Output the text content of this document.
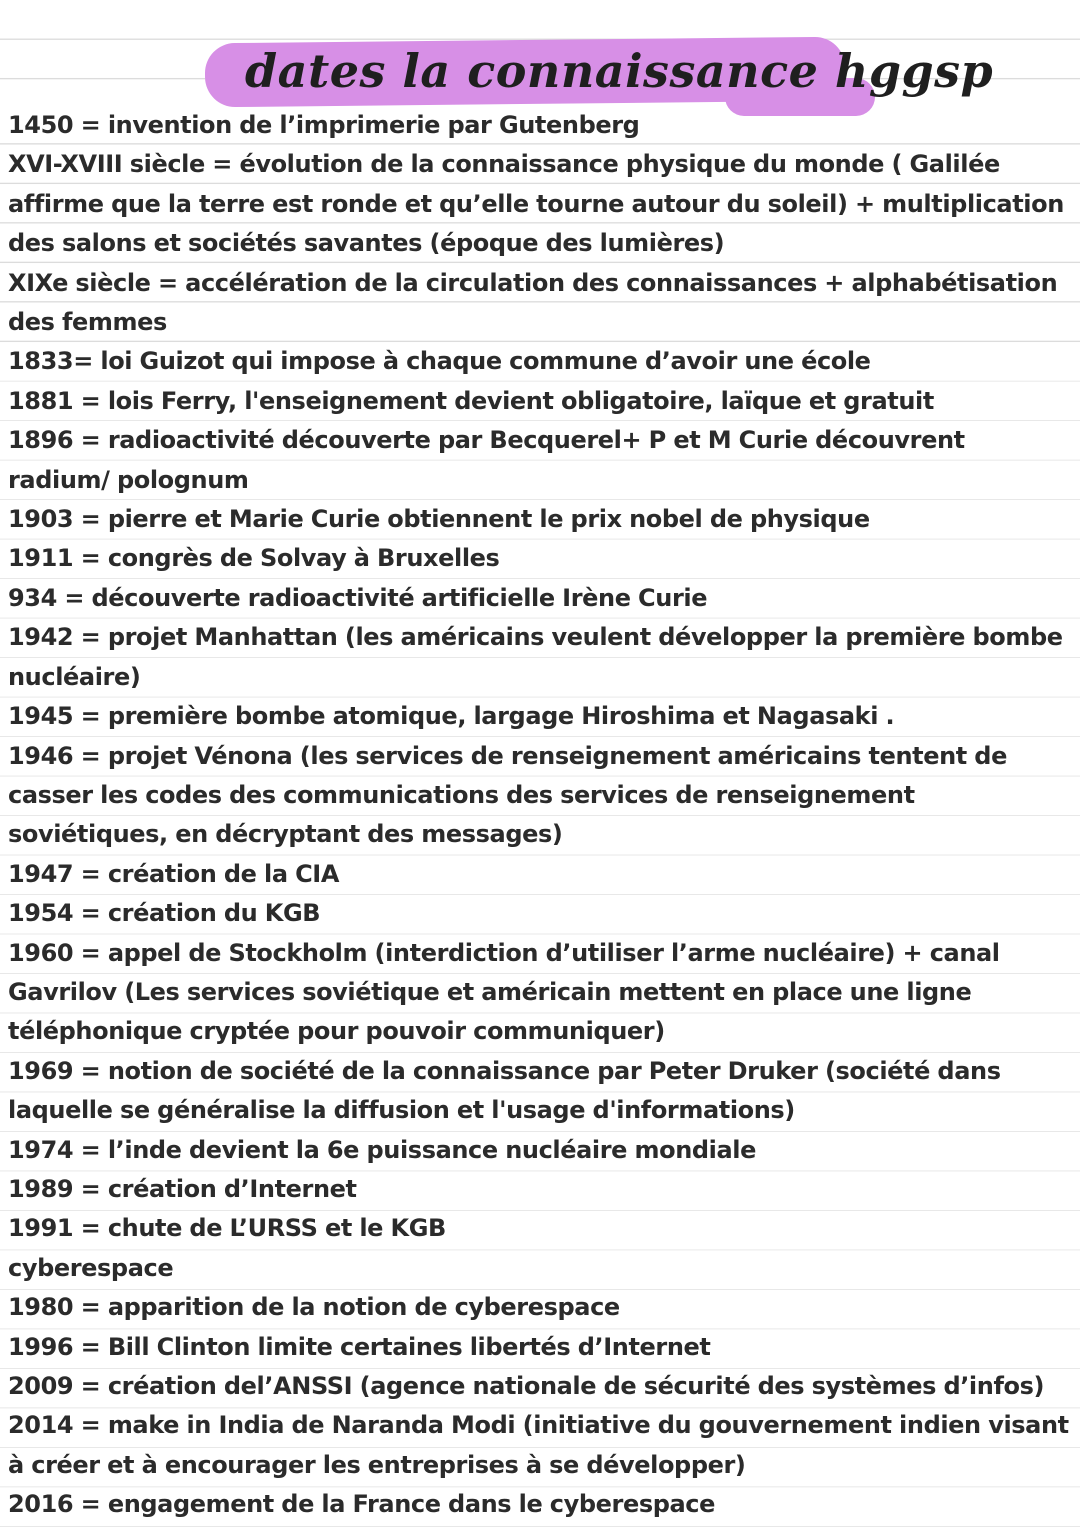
dates la connaissance hggsp

1450 = invention de l’imprimerie par Gutenberg

XVI-XVIII siècle = évolution de la connaissance physique du monde ( Galilée affirme que la terre est ronde et qu’elle tourne autour du soleil) + multiplication des salons et sociétés savantes (époque des lumières)

XIXe siècle = accélération de la circulation des connaissances + alphabétisation des femmes

1833= loi Guizot qui impose à chaque commune d’avoir une école

1881 = lois Ferry, l'enseignement devient obligatoire, laïque et gratuit

1896 = radioactivité découverte par Becquerel+ P et M Curie découvrent radium/ polognum

1903 = pierre et Marie Curie obtiennent le prix nobel de physique

1911 = congrès de Solvay à Bruxelles

934 = découverte radioactivité artificielle Irène Curie

1942 = projet Manhattan (les américains veulent développer la première bombe nucléaire)

1945 = première bombe atomique, largage Hiroshima et Nagasaki .

1946 = projet Vénona (les services de renseignement américains tentent de casser les codes des communications des services de renseignement soviétiques, en décryptant des messages)

1947 = création de la CIA

1954 = création du KGB

1960 = appel de Stockholm (interdiction d’utiliser l’arme nucléaire) + canal Gavrilov (Les services soviétique et américain mettent en place une ligne téléphonique cryptée pour pouvoir communiquer)

1969 = notion de société de la connaissance par Peter Druker (société dans laquelle se généralise la diffusion et l'usage d'informations)

1974 = l’inde devient la 6e puissance nucléaire mondiale

1989 = création d’Internet

1991 = chute de L’URSS et le KGB

cyberespace

1980 = apparition de la notion de cyberespace

1996 = Bill Clinton limite certaines libertés d’Internet

2009 = création del’ANSSI (agence nationale de sécurité des systèmes d’infos)

2014 = make in India de Naranda Modi (initiative du gouvernement indien visant à créer et à encourager les entreprises à se développer)

2016 = engagement de la France dans le cyberespace
